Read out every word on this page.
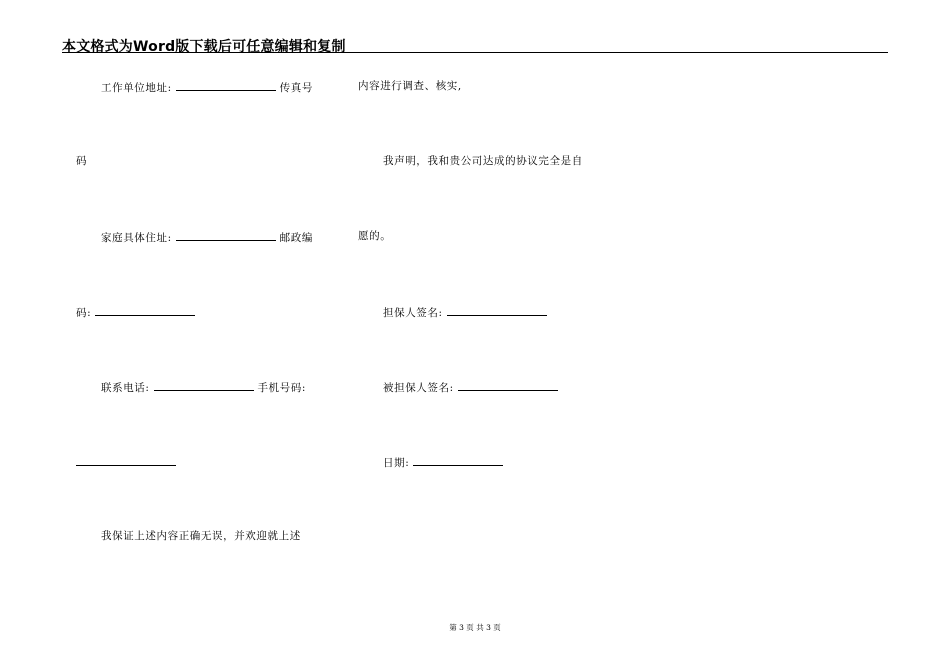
本文格式为Word版下载后可任意编辑和复制
工作单位地址:	传真号
码
家庭具体住址:	邮政编
码:
联系电话:	手机号码:
我保证上述内容正确无误，并欢迎就上述
内容进行调查、核实,
我声明，我和贵公司达成的协议完全是自
愿的。
担保人签名:
被担保人签名:
日期:
第 3 页 共 3 页
